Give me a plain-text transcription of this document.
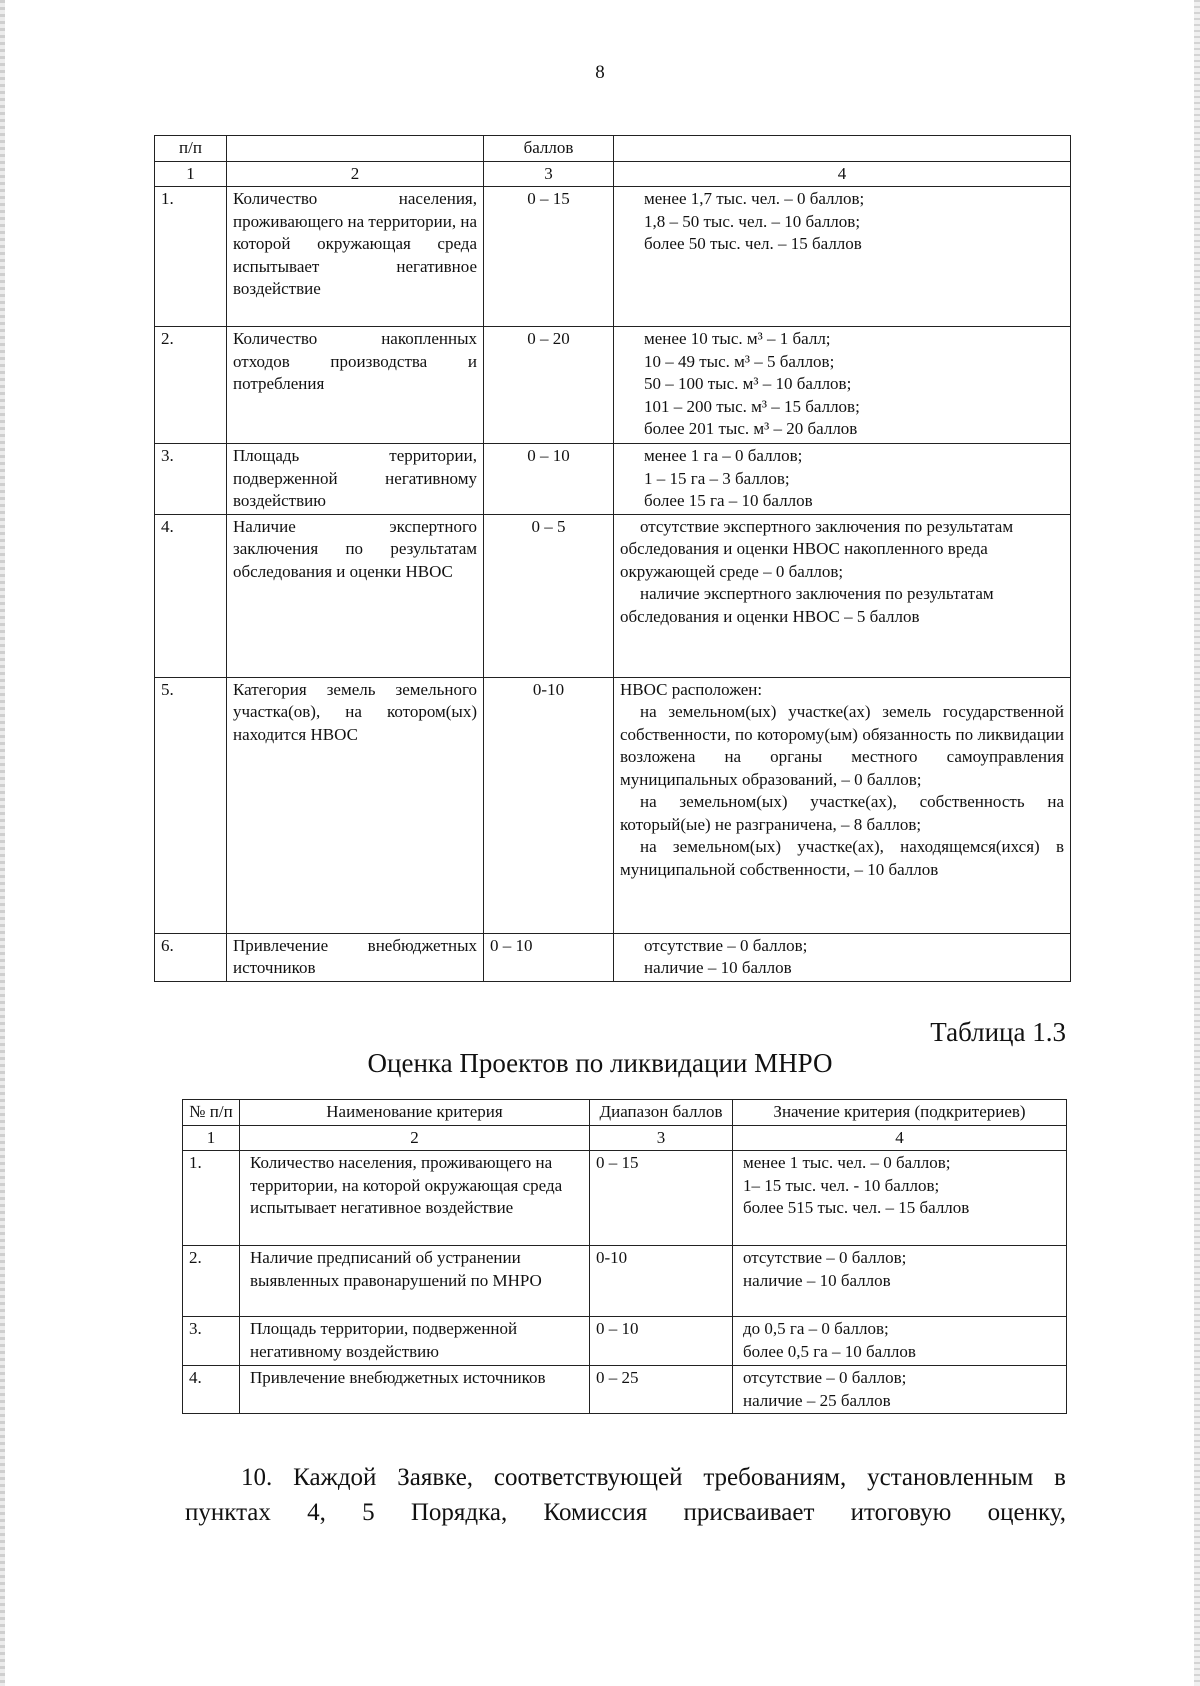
8
п/п		баллов	
1	2	3	4
1.	Количество населения, проживающего на территории, на которой окружающая среда испытывает негативное воздействие	0 – 15	менее 1,7 тыс. чел. – 0 баллов;
1,8 – 50 тыс. чел. – 10 баллов;
более 50 тыс. чел. – 15 баллов

2.	Количество накопленных отходов производства и потребления	0 – 20	менее 10 тыс. м³ – 1 балл;
10 – 49 тыс. м³ – 5 баллов;
50 – 100 тыс. м³ – 10 баллов;
101 – 200 тыс. м³ – 15 баллов;
более 201 тыс. м³ – 20 баллов

3.	Площадь территории, подверженной негативному воздействию	0 – 10	менее 1 га – 0 баллов;
1 – 15 га – 3 баллов;
более 15 га – 10 баллов

4.	Наличие экспертного заключения по результатам обследования и оценки НВОС	0 – 5	отсутствие экспертного заключения по результатам обследования и оценки НВОС накопленного вреда окружающей среде – 0 баллов;

наличие экспертного заключения по результатам обследования и оценки НВОС – 5 баллов

5.	Категория земель земельного участка(ов), на котором(ых) находится НВОС	0-10	НВОС расположен:

на земельном(ых) участке(ах) земель государственной собственности, по которому(ым) обязанность по ликвидации возложена на органы местного самоуправления муниципальных образований, – 0 баллов;

на земельном(ых) участке(ах), собственность на который(ые) не разграничена, – 8 баллов;

на земельном(ых) участке(ах), находящемся(ихся) в муниципальной собственности, – 10 баллов

6.	Привлечение внебюджетных источников	0 – 10	отсутствие – 0 баллов;
наличие – 10 баллов
Таблица 1.3
Оценка Проектов по ликвидации МНРО
№ п/п	Наименование критерия	Диапазон баллов	Значение критерия (подкритериев)
1	2	3	4
1.	Количество населения, проживающего на территории, на которой окружающая среда испытывает негативное воздействие	0 – 15	менее 1 тыс. чел. – 0 баллов;
1– 15 тыс. чел. - 10 баллов;
более 515 тыс. чел. – 15 баллов

2.	Наличие предписаний об устранении выявленных правонарушений по МНРО	0-10	отсутствие – 0 баллов;
наличие – 10 баллов

3.	Площадь территории, подверженной негативному воздействию	0 – 10	до 0,5 га – 0 баллов;
более 0,5 га – 10 баллов

4.	Привлечение внебюджетных источников	0 – 25	отсутствие – 0 баллов;
наличие – 25 баллов
10. Каждой Заявке, соответствующей требованиям, установленным в
пунктах 4, 5 Порядка, Комиссия присваивает итоговую оценку,
